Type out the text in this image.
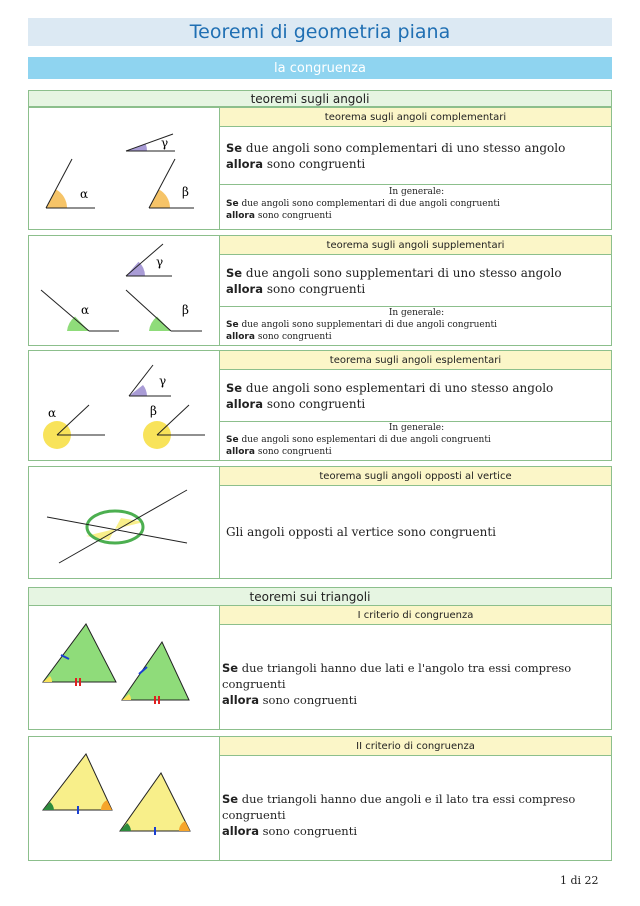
Teoremi di geometria piana
la congruenza
teoremi sugli angoli
γ
α	β
teorema sugli angoli complementari
Se due angoli sono complementari di uno stesso angolo
allora sono congruenti
In generale:
Se due angoli sono complementari di due angoli congruenti
allora sono congruenti
γ
α	β
teorema sugli angoli supplementari
Se due angoli sono supplementari di uno stesso angolo
allora sono congruenti
In generale:
Se due angoli sono supplementari di due angoli congruenti
allora sono congruenti
γ
α	β
teorema sugli angoli esplementari
Se due angoli sono esplementari di uno stesso angolo
allora sono congruenti
In generale:
Se due angoli sono esplementari di due angoli congruenti
allora sono congruenti
teorema sugli angoli opposti al vertice
Gli angoli opposti al vertice sono congruenti
teoremi sui triangoli
I criterio di congruenza
Se due triangoli hanno due lati e l'angolo tra essi compreso congruenti
allora sono congruenti
II criterio di congruenza
Se due triangoli hanno due angoli e il lato tra essi compreso congruenti
allora sono congruenti
1 di 22
